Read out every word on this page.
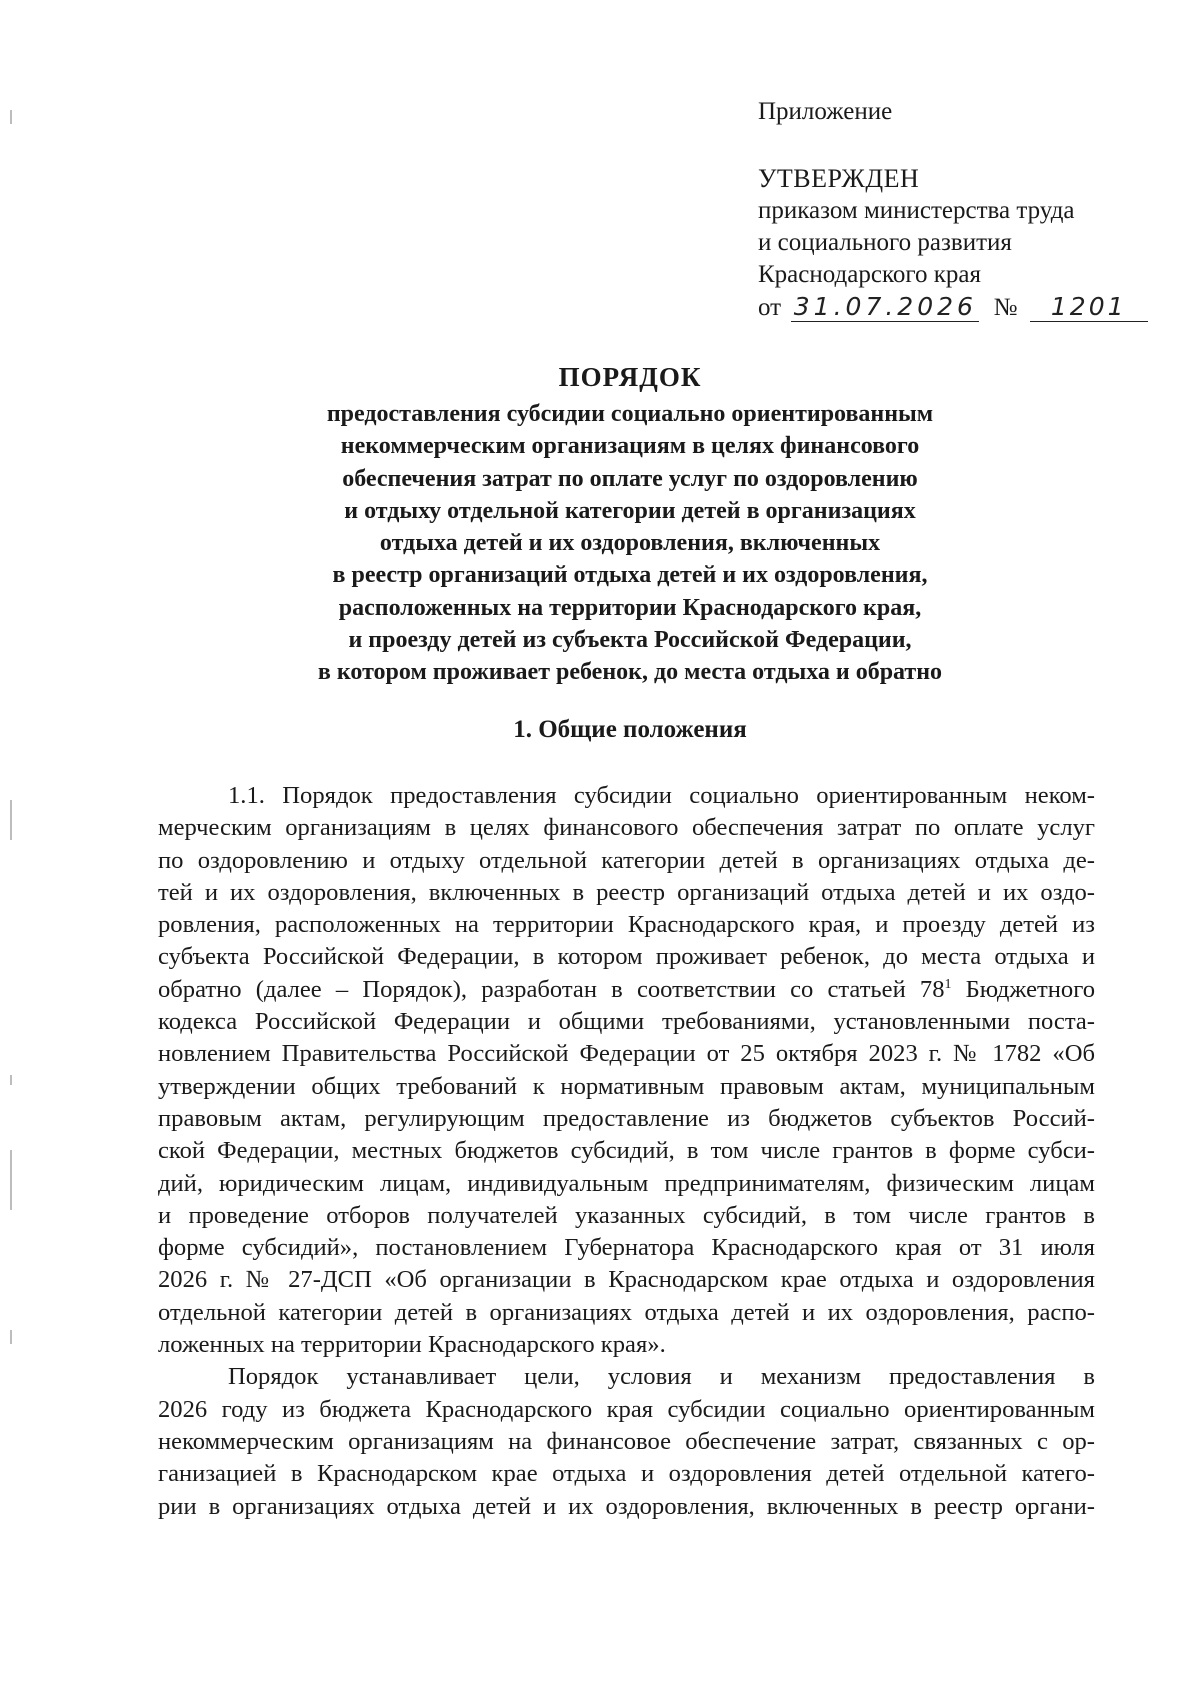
Приложение
УТВЕРЖДЕН
приказом министерства труда
и социального развития
Краснодарского края
от 31.07.2026 № 1201
ПОРЯДОК
предоставления субсидии социально ориентированным
некоммерческим организациям в целях финансового
обеспечения затрат по оплате услуг по оздоровлению
и отдыху отдельной категории детей в организациях
отдыха детей и их оздоровления, включенных
в реестр организаций отдыха детей и их оздоровления,
расположенных на территории Краснодарского края,
и проезду детей из субъекта Российской Федерации,
в котором проживает ребенок, до места отдыха и обратно
1. Общие положения
1.1. Порядок предоставления субсидии социально ориентированным неком-
мерческим организациям в целях финансового обеспечения затрат по оплате услуг
по оздоровлению и отдыху отдельной категории детей в организациях отдыха де-
тей и их оздоровления, включенных в реестр организаций отдыха детей и их оздо-
ровления, расположенных на территории Краснодарского края, и проезду детей из
субъекта Российской Федерации, в котором проживает ребенок, до места отдыха и
обратно (далее – Порядок), разработан в соответствии со статьей $78^1$ Бюджетного
кодекса Российской Федерации и общими требованиями, установленными поста-
новлением Правительства Российской Федерации от 25 октября 2023 г. № 1782 «Об
утверждении общих требований к нормативным правовым актам, муниципальным
правовым актам, регулирующим предоставление из бюджетов субъектов Россий-
ской Федерации, местных бюджетов субсидий, в том числе грантов в форме субси-
дий, юридическим лицам, индивидуальным предпринимателям, физическим лицам
и проведение отборов получателей указанных субсидий, в том числе грантов в
форме субсидий», постановлением Губернатора Краснодарского края от 31 июля
2026 г. № 27-ДСП «Об организации в Краснодарском крае отдыха и оздоровления
отдельной категории детей в организациях отдыха детей и их оздоровления, распо-
ложенных на территории Краснодарского края».
Порядок устанавливает цели, условия и механизм предоставления в
2026 году из бюджета Краснодарского края субсидии социально ориентированным
некоммерческим организациям на финансовое обеспечение затрат, связанных с ор-
ганизацией в Краснодарском крае отдыха и оздоровления детей отдельной катего-
рии в организациях отдыха детей и их оздоровления, включенных в реестр органи-
